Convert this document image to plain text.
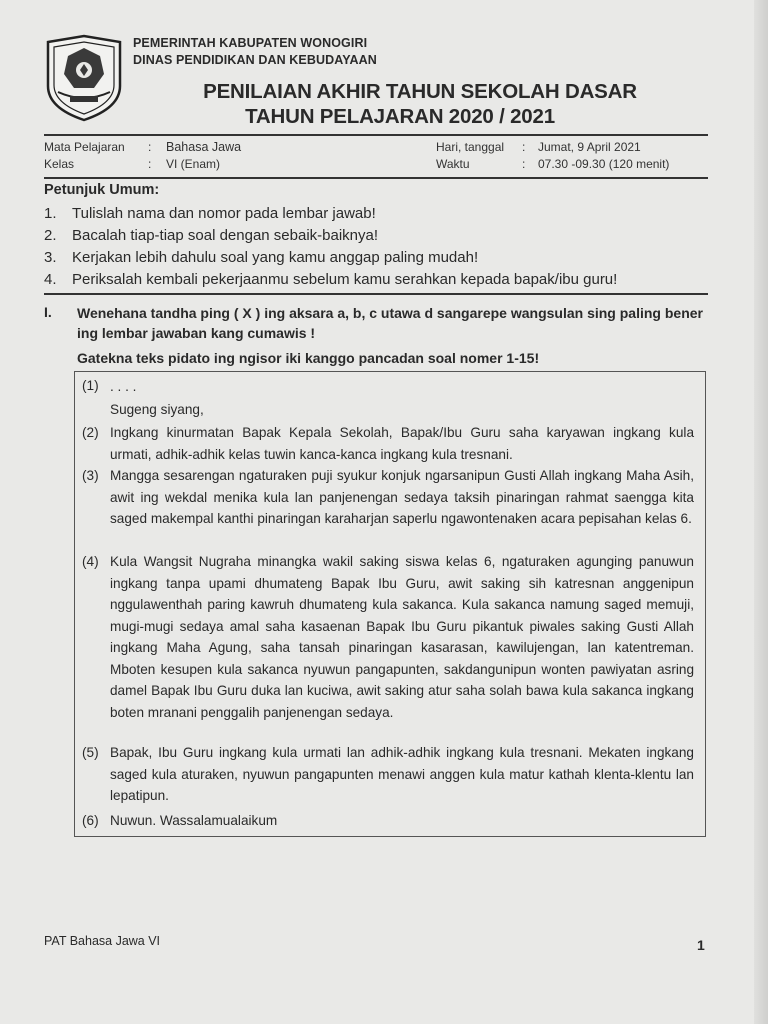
PEMERINTAH KABUPATEN WONOGIRI
DINAS PENDIDIKAN DAN KEBUDAYAAN
PENILAIAN AKHIR TAHUN SEKOLAH DASAR
TAHUN PELAJARAN 2020 / 2021
Mata Pelajaran : Bahasa Jawa
Kelas	: VI (Enam)
Hari, tanggal : Jumat, 9 April 2021
Waktu	: 07.30 -09.30 (120 menit)
Petunjuk Umum:
1.	Tulislah nama dan nomor pada lembar jawab!
2.	Bacalah tiap-tiap soal dengan sebaik-baiknya!
3.	Kerjakan lebih dahulu soal yang kamu anggap paling mudah!
4.	Periksalah kembali pekerjaanmu sebelum kamu serahkan kepada bapak/ibu guru!
I. Wenehana tandha ping ( X ) ing aksara a, b, c utawa d sangarepe wangsulan sing paling bener ing lembar jawaban kang cumawis !
Gatekna teks pidato ing ngisor iki kanggo pancadan soal nomer 1-15!
(1) . . . .
Sugeng siyang,
(2) Ingkang kinurmatan Bapak Kepala Sekolah, Bapak/Ibu Guru saha karyawan ingkang kula urmati, adhik-adhik kelas tuwin kanca-kanca ingkang kula tresnani.
(3) Mangga sesarengan ngaturaken puji syukur konjuk ngarsanipun Gusti Allah ingkang Maha Asih, awit ing wekdal menika kula lan panjenengan sedaya taksih pinaringan rahmat saengga kita saged makempal kanthi pinaringan karaharjan saperlu ngawontenaken acara pepisahan kelas 6.
(4) Kula Wangsit Nugraha minangka wakil saking siswa kelas 6, ngaturaken agunging panuwun ingkang tanpa upami dhumateng Bapak Ibu Guru, awit saking sih katresnan anggenipun nggulawenthah paring kawruh dhumateng kula sakanca. Kula sakanca namung saged memuji, mugi-mugi sedaya amal saha kasaenan Bapak Ibu Guru pikantuk piwales saking Gusti Allah ingkang Maha Agung, saha tansah pinaringan kasarasan, kawilujengan, lan katentreman. Mboten kesupen kula sakanca nyuwun pangapunten, sakdangunipun wonten pawiyatan asring damel Bapak Ibu Guru duka lan kuciwa, awit saking atur saha solah bawa kula sakanca ingkang boten mranani penggalih panjenengan sedaya.
(5) Bapak, Ibu Guru ingkang kula urmati lan adhik-adhik ingkang kula tresnani. Mekaten ingkang saged kula aturaken, nyuwun pangapunten menawi anggen kula matur kathah klenta-klentu lan lepatipun.
(6) Nuwun. Wassalamualaikum
PAT Bahasa Jawa VI	1
